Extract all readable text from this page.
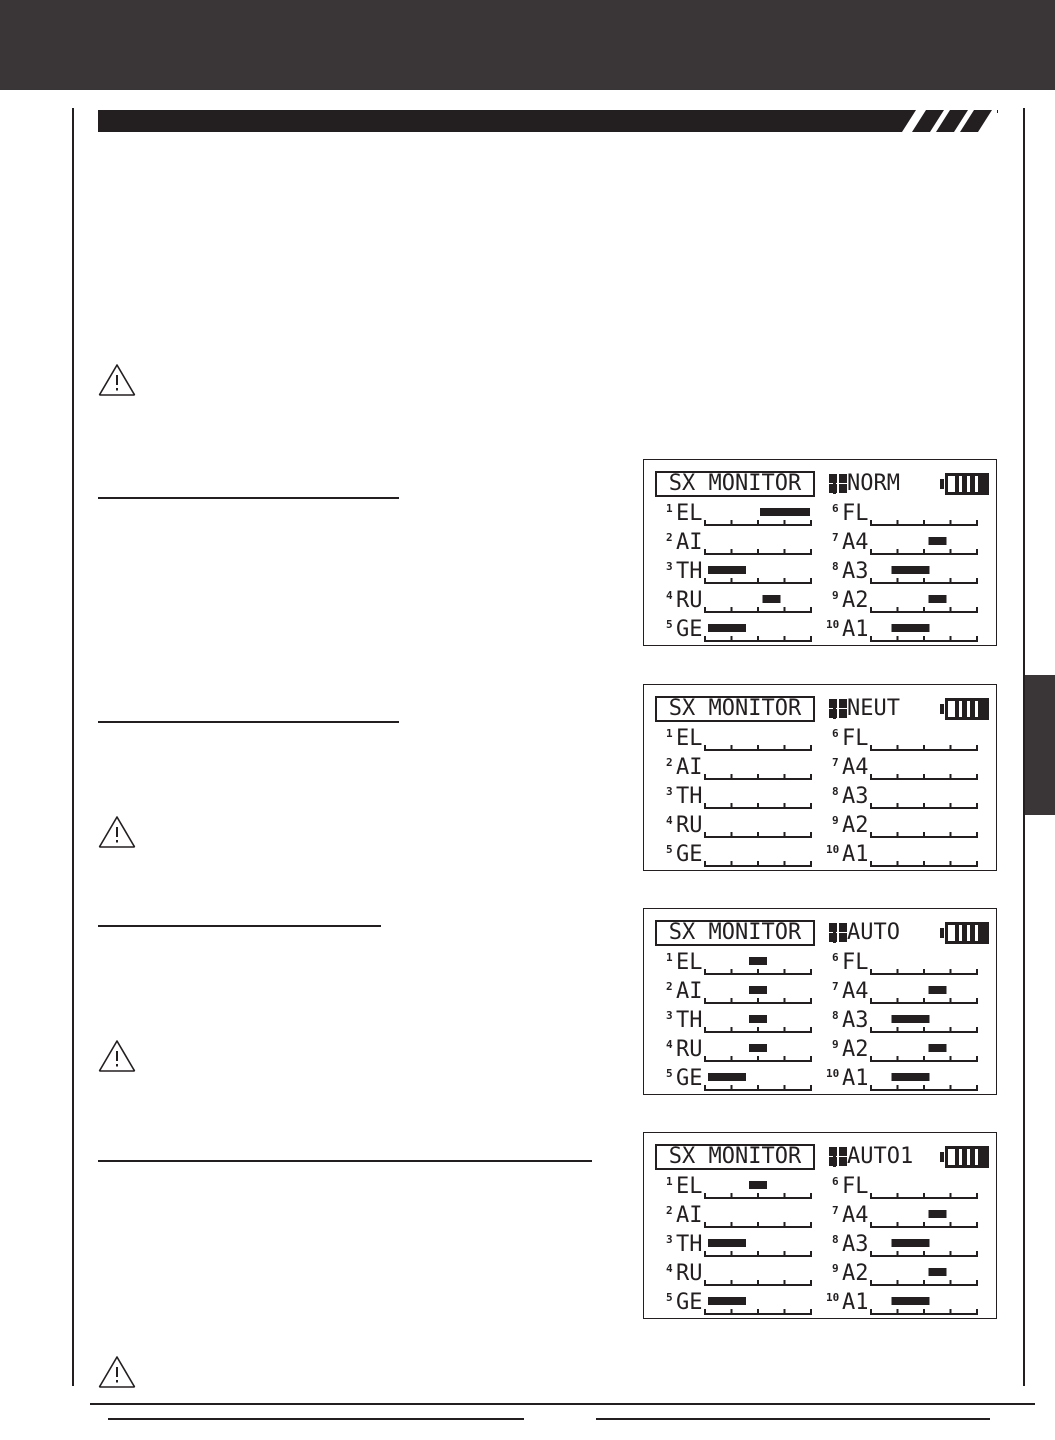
SX MONITOR	NORM
1 EL	6 FL
2 AI	7 A4
3 TH	8 A3
4 RU	9 A2
5 GE	10 A1
SX MONITOR	NEUT
1 EL	6 FL
2 AI	7 A4
3 TH	8 A3
4 RU	9 A2
5 GE	10 A1
SX MONITOR	AUTO
1 EL	6 FL
2 AI	7 A4
3 TH	8 A3
4 RU	9 A2
5 GE	10 A1
SX MONITOR	AUTO1
1 EL	6 FL
2 AI	7 A4
3 TH	8 A3
4 RU	9 A2
5 GE	10 A1
